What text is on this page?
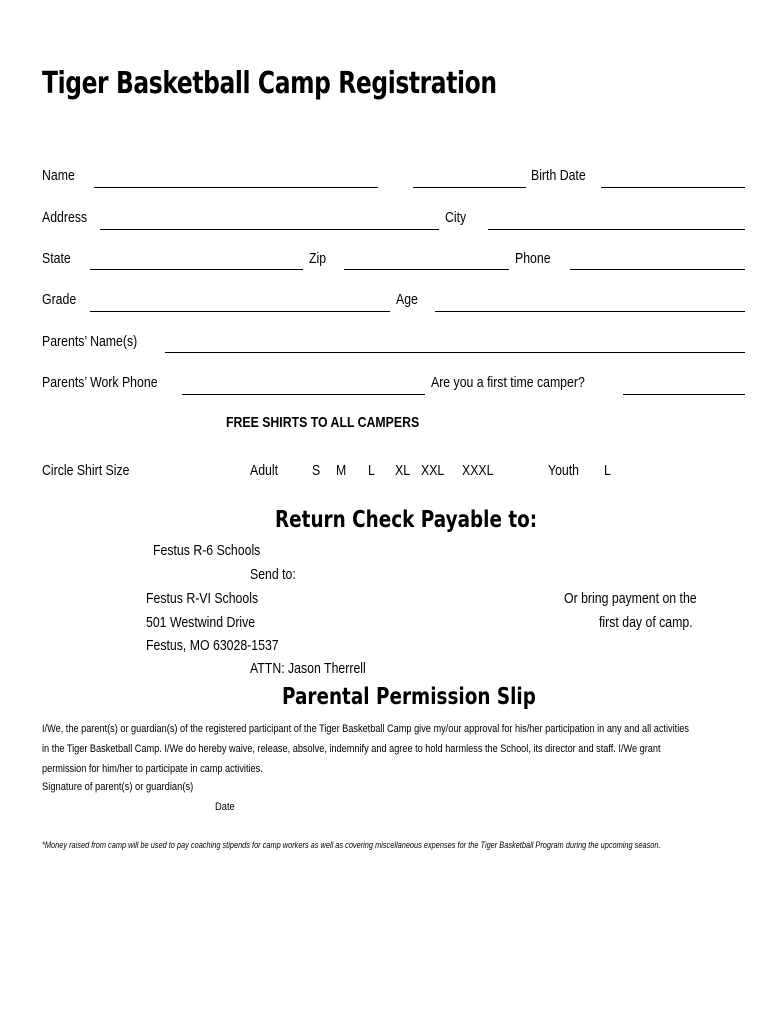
Tiger Basketball Camp Registration
Name	Birth Date
Address	City
State	Zip	Phone
Grade	Age
Parents’ Name(s)
Parents’ Work Phone	Are you a first time camper?
FREE SHIRTS TO ALL CAMPERS
Circle Shirt Size	Adult S M L XL XXL XXXL	Youth L
Return Check Payable to:
Festus R-6 Schools
Send to:
Festus R-VI Schools
501 Westwind Drive
Festus, MO 63028-1537
ATTN: Jason Therrell
Or bring payment on the
first day of camp.
Parental Permission Slip
I/We, the parent(s) or guardian(s) of the registered participant of the Tiger Basketball Camp give my/our approval for his/her participation in any and all activities
in the Tiger Basketball Camp. I/We do hereby waive, release, absolve, indemnify and agree to hold harmless the School, its director and staff. I/We grant
permission for him/her to participate in camp activities.
Signature of parent(s) or guardian(s)
Date
*Money raised from camp will be used to pay coaching stipends for camp workers as well as covering miscellaneous expenses for the Tiger Basketball Program during the upcoming season.
